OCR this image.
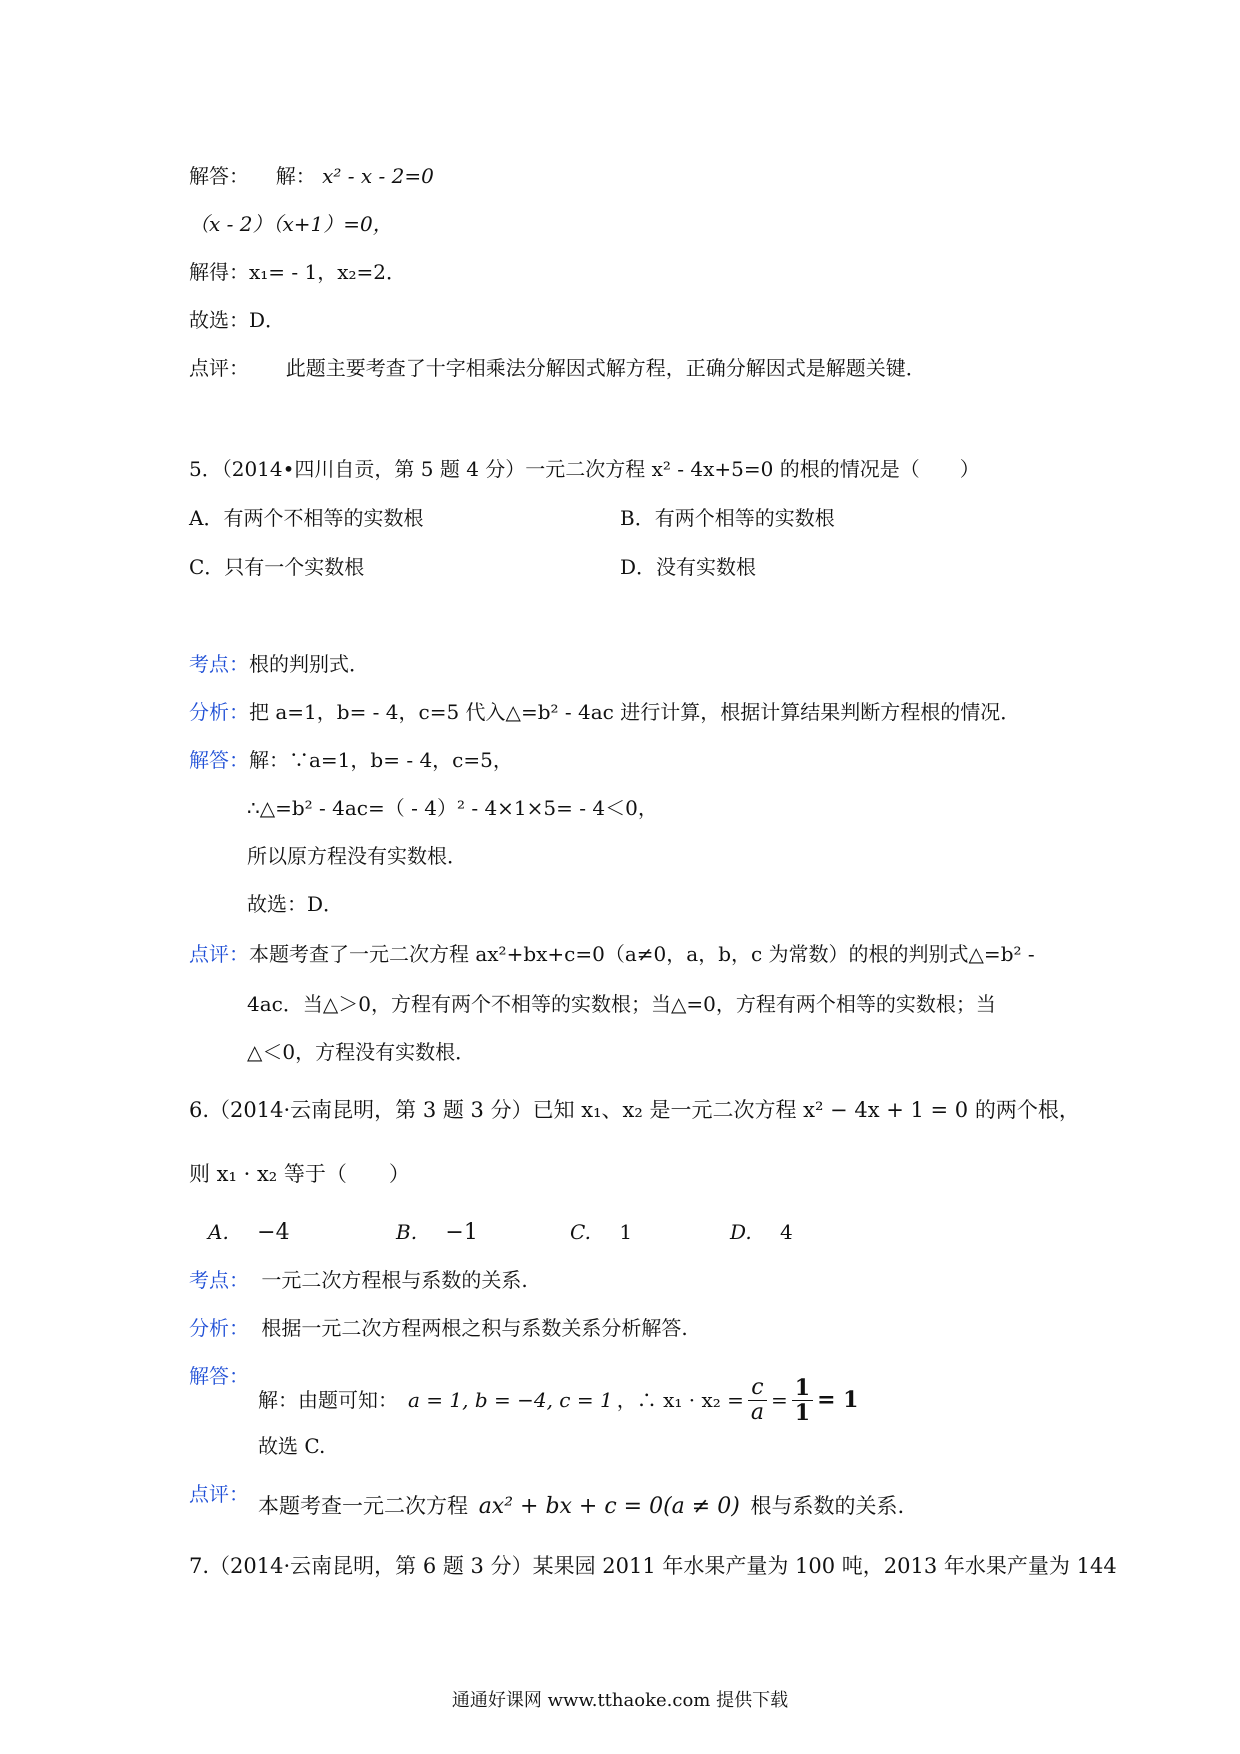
解答： 解： x² - x - 2=0
（x - 2）（x+1）=0，
解得：x₁= - 1，x₂=2．
故选：D．
点评： 此题主要考查了十字相乘法分解因式解方程，正确分解因式是解题关键．
5．（2014•四川自贡，第 5 题 4 分）一元二次方程 x² - 4x+5=0 的根的情况是（　　）
A．有两个不相等的实数根	B．有两个相等的实数根
C．只有一个实数根	D．没有实数根
考点：根的判别式．
分析：把 a=1，b= - 4，c=5 代入△=b² - 4ac 进行计算，根据计算结果判断方程根的情况．
解答：解：∵a=1，b= - 4，c=5，
∴△=b² - 4ac=（ - 4）² - 4×1×5= - 4＜0，
所以原方程没有实数根．
故选：D．
点评：本题考查了一元二次方程 ax²+bx+c=0（a≠0，a，b，c 为常数）的根的判别式△=b² -
4ac．当△＞0，方程有两个不相等的实数根；当△=0，方程有两个相等的实数根；当
△＜0，方程没有实数根．
6.（2014·云南昆明，第 3 题 3 分）已知 x₁、x₂ 是一元二次方程 x² − 4x + 1 = 0 的两个根，
则 x₁ · x₂ 等于（　　）
A. −4	B. −1	C. 1	D. 4
考点： 一元二次方程根与系数的关系.
分析： 根据一元二次方程两根之积与系数关系分析解答.
解答：
解：由题可知： a = 1, b = −4, c = 1 ，∴ $x_1 \cdot x_2 = \frac{c}{a} = \frac{1}{1} = 1$
故选 C.
点评： 本题考查一元二次方程 ax² + bx + c = 0(a ≠ 0) 根与系数的关系.
7.（2014·云南昆明，第 6 题 3 分）某果园 2011 年水果产量为 100 吨，2013 年水果产量为 144
通通好课网 www.tthaoke.com 提供下载
